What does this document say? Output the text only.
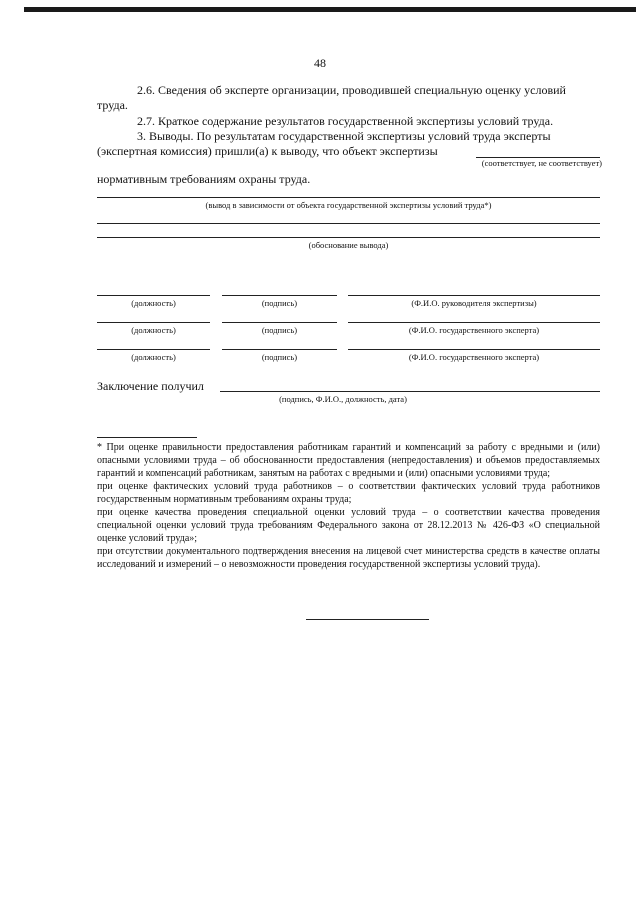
48
2.6. Сведения об эксперте организации, проводившей специальную оценку условий
труда.
2.7. Краткое содержание результатов государственной экспертизы условий труда.
3. Выводы. По результатам государственной экспертизы условий труда эксперты
(экспертная комиссия) пришли(а) к выводу, что объект экспертизы
(соответствует, не соответствует)
нормативным требованиям охраны труда.
(вывод в зависимости от объекта государственной экспертизы условий труда*)
(обоснование вывода)
(должность)	(подпись)	(Ф.И.О. руководителя экспертизы)
(должность)	(подпись)	(Ф.И.О. государственного эксперта)
(должность)	(подпись)	(Ф.И.О. государственного эксперта)
Заключение получил
(подпись, Ф.И.О., должность, дата)
* При оценке правильности предоставления работникам гарантий и компенсаций за работу с вредными и (или) опасными условиями труда – об обоснованности предоставления (непредоставления) и объемов предоставляемых гарантий и компенсаций работникам, занятым на работах с вредными и (или) опасными условиями труда;
при оценке фактических условий труда работников – о соответствии фактических условий труда работников государственным нормативным требованиям охраны труда;
при оценке качества проведения специальной оценки условий труда – о соответствии качества проведения специальной оценки условий труда требованиям Федерального закона от 28.12.2013 № 426-ФЗ «О специальной оценке условий труда»;
при отсутствии документального подтверждения внесения на лицевой счет министерства средств в качестве оплаты исследований и измерений – о невозможности проведения государственной экспертизы условий труда).
